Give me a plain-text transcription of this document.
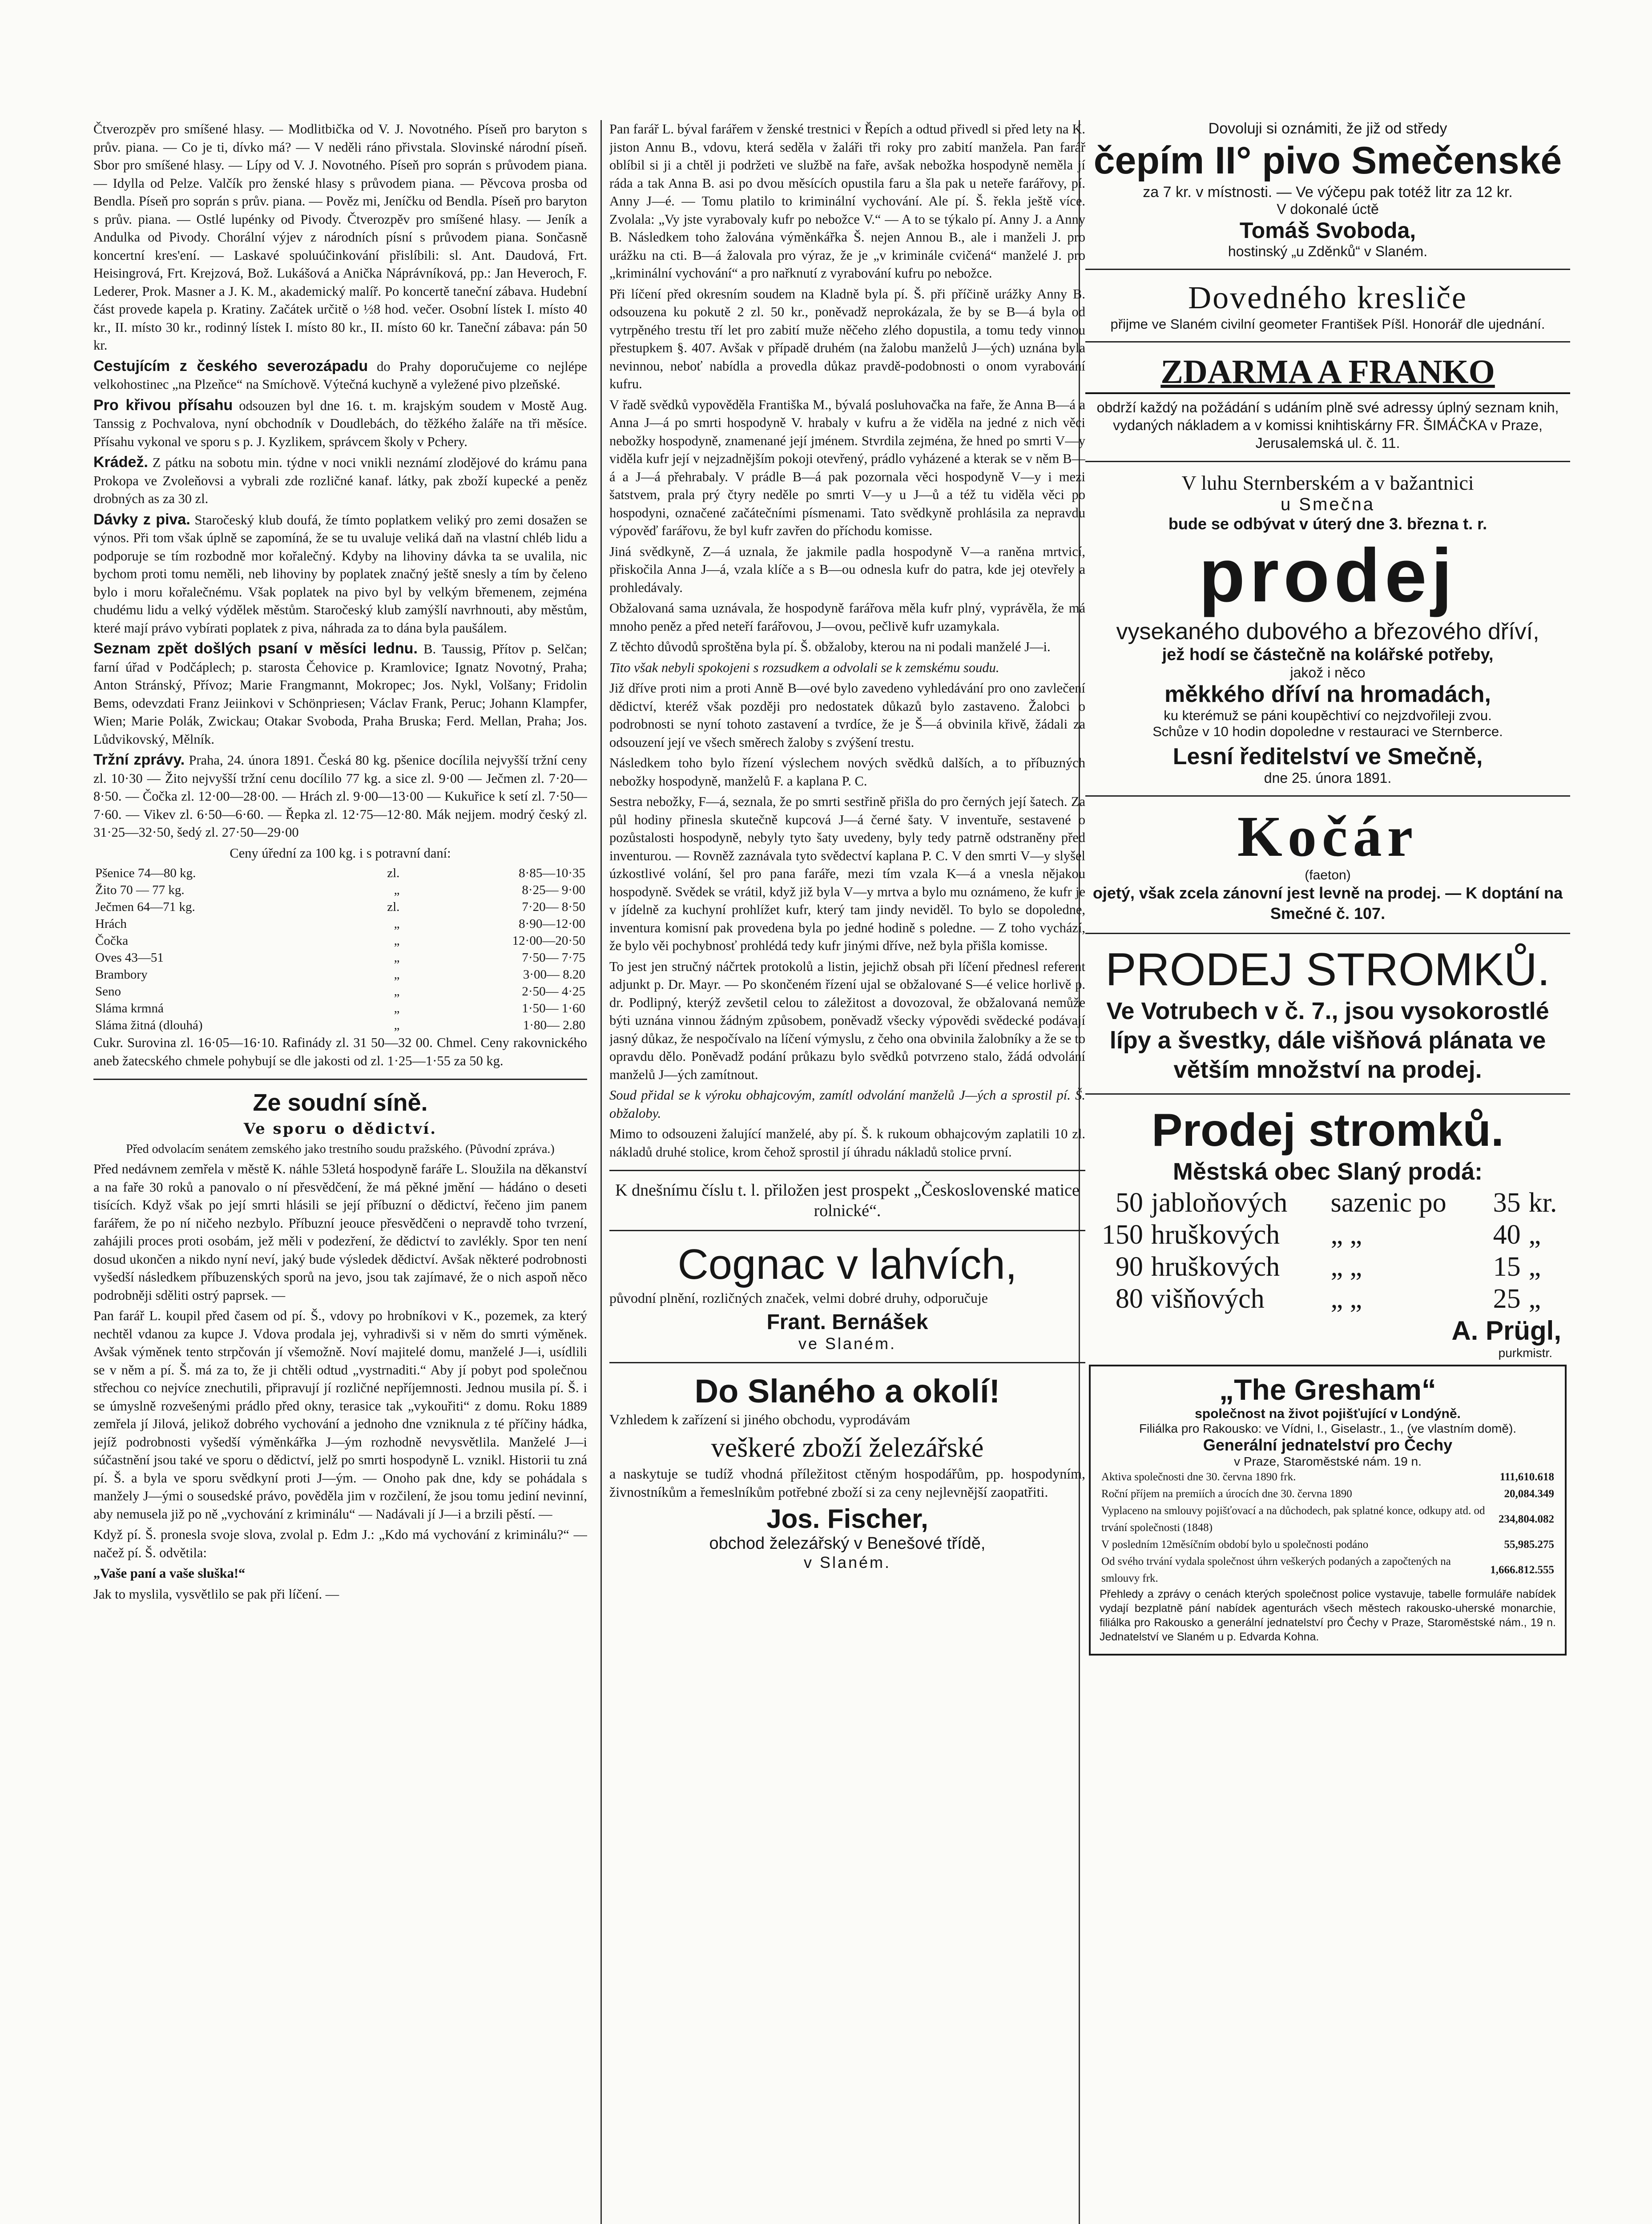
Čtverozpěv pro smíšené hlasy. — Modlitbička od V. J. Novotného. Píseň pro baryton s prův. piana. — Co je ti, dívko má? — V neděli ráno přivstala. Slovinské národní píseň. Sbor pro smíšené hlasy. — Lípy od V. J. Novotného. Píseň pro soprán s průvodem piana. — Idylla od Pelze. Valčík pro ženské hlasy s průvodem piana. — Pěvcova prosba od Bendla. Píseň pro soprán s prův. piana. — Pověz mi, Jeníčku od Bendla. Píseň pro baryton s prův. piana. — Ostlé lupénky od Pivody. Čtverozpěv pro smíšené hlasy. — Jeník a Andulka od Pivody. Chorální výjev z národních písní s průvodem piana. Sončasně koncertní kres'ení. — Laskavé spoluúčinkování přislíbili: sl. Ant. Daudová, Frt. Heisingrová, Frt. Krejzová, Bož. Lukášová a Anička Náprávníková, pp.: Jan Heveroch, F. Lederer, Prok. Masner a J. K. M., akademický malíř. Po koncertě taneční zábava. Hudební část provede kapela p. Kratiny. Začátek určitě o ½8 hod. večer. Osobní lístek I. místo 40 kr., II. místo 30 kr., rodinný lístek I. místo 80 kr., II. místo 60 kr. Taneční zábava: pán 50 kr.

Cestujícím z českého severozápadu do Prahy doporučujeme co nejlépe velkohostinec „na Plzeňce“ na Smíchově. Výtečná kuchyně a vyležené pivo plzeňské.

Pro křivou přísahu odsouzen byl dne 16. t. m. krajským soudem v Mostě Aug. Tanssig z Pochvalova, nyní obchodník v Doudlebách, do těžkého žaláře na tři měsíce. Přísahu vykonal ve sporu s p. J. Kyzlikem, správcem školy v Pchery.

Krádež. Z pátku na sobotu min. týdne v noci vnikli neznámí zlodějové do krámu pana Prokopa ve Zvoleňovsi a vybrali zde rozličné kanaf. látky, pak zboží kupecké a peněz drobných as za 30 zl.

Dávky z piva. Staročeský klub doufá, že tímto poplatkem veliký pro zemi dosažen se výnos. Při tom však úplně se zapomíná, že se tu uvaluje veliká daň na vlastní chléb lidu a podporuje se tím rozbodně mor kořalečný. Kdyby na lihoviny dávka ta se uvalila, nic bychom proti tomu neměli, neb lihoviny by poplatek značný ještě snesly a tím by čeleno bylo i moru kořalečnému. Však poplatek na pivo byl by velkým břemenem, zejména chudému lidu a velký výdělek městům. Staročeský klub zamýšlí navrhnouti, aby městům, které mají právo vybírati poplatek z piva, náhrada za to dána byla paušálem.

Seznam zpět došlých psaní v měsíci lednu. B. Taussig, Přítov p. Selčan; farní úřad v Podčáplech; p. starosta Čehovice p. Kramlovice; Ignatz Novotný, Praha; Anton Stránský, Přívoz; Marie Frangmannt, Mokropec; Jos. Nykl, Volšany; Fridolin Bems, odevzdati Franz Jeiinkovi v Schönpriesen; Václav Frank, Peruc; Johann Klampfer, Wien; Marie Polák, Zwickau; Otakar Svoboda, Praha Bruska; Ferd. Mellan, Praha; Jos. Lůdvikovský, Mělník.

Tržní zprávy. Praha, 24. února 1891. Česká 80 kg. pšenice docílila nejvyšší tržní ceny zl. 10·30 — Žito nejvyšší tržní cenu docílilo 77 kg. a sice zl. 9·00 — Ječmen zl. 7·20—8·50. — Čočka zl. 12·00—28·00. — Hrách zl. 9·00—13·00 — Kukuřice k setí zl. 7·50—7·60. — Vikev zl. 6·50—6·60. — Řepka zl. 12·75—12·80. Mák nejjem. modrý český zl. 31·25—32·50, šedý zl. 27·50—29·00

Ceny úřední za 100 kg. i s potravní daní:

Pšenice 74—80 kg.	zl.	8·85—10·35
Žito 70 — 77 kg.	„	8·25— 9·00
Ječmen 64—71 kg.	zl.	7·20— 8·50
Hrách	„	8·90—12·00
Čočka	„	12·00—20·50
Oves 43—51	„	7·50— 7·75
Brambory	„	3·00— 8.20
Seno	„	2·50— 4·25
Sláma krmná	„	1·50— 1·60
Sláma žitná (dlouhá)	„	1·80— 2.80

Cukr. Surovina zl. 16·05—16·10. Rafinády zl. 31 50—32 00. Chmel. Ceny rakovnického aneb žatecského chmele pohybují se dle jakosti od zl. 1·25—1·55 za 50 kg.

Ze soudní síně.
Ve sporu o dědictví.

Před odvolacím senátem zemského jako trestního soudu pražského. (Původní zpráva.)

Před nedávnem zemřela v městě K. náhle 53letá hospodyně faráře L. Sloužila na děkanství a na faře 30 roků a panovalo o ní přesvědčení, že má pěkné jmění — hádáno o deseti tisících. Když však po její smrti hlásili se její příbuzní o dědictví, řečeno jim panem farářem, že po ní ničeho nezbylo. Příbuzní jeouce přesvědčeni o nepravdě toho tvrzení, zahájili proces proti osobám, jež měli v podezření, že dědictví to zavlékly. Spor ten není dosud ukončen a nikdo nyní neví, jaký bude výsledek dědictví. Avšak některé podrobnosti vyšedší následkem příbuzenských sporů na jevo, jsou tak zajímavé, že o nich aspoň něco podrobněji sděliti ostrý paprsek. —

Pan farář L. koupil před časem od pí. Š., vdovy po hrobníkovi v K., pozemek, za který nechtěl vdanou za kupce J. Vdova prodala jej, vyhradivši si v něm do smrti výměnek. Avšak výměnek tento strpčován jí všemožně. Noví majitelé domu, manželé J—i, usídlili se v něm a pí. Š. má za to, že ji chtěli odtud „vystrnaditi.“ Aby jí pobyt pod společnou střechou co nejvíce znechutili, připravují jí rozličné nepříjemnosti. Jednou musila pí. Š. i se úmyslně rozvešenými prádlo před okny, terasice tak „vykouřiti“ z domu. Roku 1889 zemřela jí Jilová, jelikož dobrého vychování a jednoho dne vzniknula z té příčiny hádka, jejíž podrobnosti vyšedší výměnkářka J—ým rozhodně nevysvětlila. Manželé J—i súčastnění jsou také ve sporu o dědictví, jelž po smrti hospodyně L. vznikl. Historii tu zná pí. Š. a byla ve sporu svědkyní proti J—ým. — Onoho pak dne, kdy se pohádala s manžely J—ými o sousedské právo, pověděla jim v rozčilení, že jsou tomu jediní nevinní, aby nemusela již po ně „vychování z kriminálu“ — Nadávali jí J—i a brzili pěstí. —

Když pí. Š. pronesla svoje slova, zvolal p. Edm J.: „Kdo má vychování z kriminálu?“ — načež pí. Š. odvětila:

„Vaše paní a vaše sluška!“

Jak to myslila, vysvětlilo se pak při líčení. —

Pan farář L. býval farářem v ženské trestnici v Řepích a odtud přivedl si před lety na K. jiston Annu B., vdovu, která seděla v žaláři tři roky pro zabití manžela. Pan farář oblíbil si ji a chtěl ji podržeti ve službě na faře, avšak nebožka hospodyně neměla jí ráda a tak Anna B. asi po dvou měsících opustila faru a šla pak u neteře farářovy, pí. Anny J—é. — Tomu platilo to kriminální vychování. Ale pí. Š. řekla ještě více. Zvolala: „Vy jste vyrabovaly kufr po nebožce V.“ — A to se týkalo pí. Anny J. a Anny B. Následkem toho žalována výměnkářka Š. nejen Annou B., ale i manželi J. pro urážku na cti. B—á žalovala pro výraz, že je „v kriminále cvičená“ manželé J. pro „kriminální vychování“ a pro nařknutí z vyrabování kufru po nebožce.

Při líčení před okresním soudem na Kladně byla pí. Š. při příčině urážky Anny B. odsouzena ku pokutě 2 zl. 50 kr., poněvadž neprokázala, že by se B—á byla od vytrpěného trestu tří let pro zabití muže něčeho zlého dopustila, a tomu tedy vinnou přestupkem §. 407. Avšak v případě druhém (na žalobu manželů J—ých) uznána byla nevinnou, neboť nabídla a provedla důkaz pravdě-podobnosti o onom vyrabování kufru.

V řadě svědků vypověděla Františka M., bývalá posluhovačka na faře, že Anna B—á a Anna J—á po smrti hospodyně V. hrabaly v kufru a že viděla na jedné z nich věci nebožky hospodyně, znamenané její jménem. Stvrdila zejména, že hned po smrti V—y viděla kufr její v nejzadnějším pokoji otevřený, prádlo vyházené a kterak se v něm B—á a J—á přehrabaly. V prádle B—á pak pozornala věci hospodyně V—y i mezi šatstvem, prala prý čtyry neděle po smrti V—y u J—ů a též tu viděla věci po hospodyni, označené začátečními písmenami. Tato svědkyně prohlásila za nepravdu výpověď farářovu, že byl kufr zavřen do příchodu komisse.

Jiná svědkyně, Z—á uznala, že jakmile padla hospodyně V—a raněna mrtvicí, přiskočila Anna J—á, vzala klíče a s B—ou odnesla kufr do patra, kde jej otevřely a prohledávaly.

Obžalovaná sama uznávala, že hospodyně farářova měla kufr plný, vyprávěla, že má mnoho peněz a před neteří farářovou, J—ovou, pečlivě kufr uzamykala.

Z těchto důvodů sproštěna byla pí. Š. obžaloby, kterou na ni podali manželé J—i.

Tito však nebyli spokojeni s rozsudkem a odvolali se k zemskému soudu.

Již dříve proti nim a proti Anně B—ové bylo zavedeno vyhledávání pro ono zavlečení dědictví, kteréž však později pro nedostatek důkazů bylo zastaveno. Žalobci o podrobnosti se nyní tohoto zastavení a tvrdíce, že je Š—á obvinila křivě, žádali za odsouzení její ve všech směrech žaloby s zvýšení trestu.

Následkem toho bylo řízení výslechem nových svědků dalších, a to příbuzných nebožky hospodyně, manželů F. a kaplana P. C.

Sestra nebožky, F—á, seznala, že po smrti sestřině přišla do pro černých její šatech. Za půl hodiny přinesla skutečně kupcová J—á černé šaty. V inventuře, sestavené o pozůstalosti hospodyně, nebyly tyto šaty uvedeny, byly tedy patrně odstraněny před inventurou. — Rovněž zaznávala tyto svědectví kaplana P. C. V den smrti V—y slyšel úzkostlivé volání, šel pro pana faráře, mezi tím vzala K—á a vnesla nějakou hospodyně. Svědek se vrátil, když již byla V—y mrtva a bylo mu oznámeno, že kufr je v jídelně za kuchyní prohlížet kufr, který tam jindy neviděl. To bylo se dopoledne, inventura komisní pak provedena byla po jedné hodině s poledne. — Z toho vychází, že bylo věi pochybnosť prohlédá tedy kufr jinými dříve, než byla přišla komisse.

To jest jen stručný náčrtek protokolů a listin, jejichž obsah při líčení přednesl referent adjunkt p. Dr. Mayr. — Po skončeném řízení ujal se obžalované S—é velice horlivě p. dr. Podlipný, kterýž zevšetil celou to záležitost a dovozoval, že obžalovaná nemůže býti uznána vinnou žádným způsobem, poněvadž všecky výpovědi svědecké podávají jasný důkaz, že nespočívalo na líčení výmyslu, z čeho ona obvinila žalobníky a že se to opravdu dělo. Poněvadž podání průkazu bylo svědků potvrzeno stalo, žádá odvolání manželů J—ých zamítnout.

Soud přidal se k výroku obhajcovým, zamítl odvolání manželů J—ých a sprostil pí. Š. obžaloby.

Mimo to odsouzeni žalující manželé, aby pí. Š. k rukoum obhajcovým zaplatili 10 zl. nákladů druhé stolice, krom čehož sprostil jí úhradu nákladů stolice první.

K dnešnímu číslu t. l. přiložen jest prospekt „Československé matice rolnické“.

Cognac v lahvích,

původní plnění, rozličných značek, velmi dobré druhy, odporučuje

Frant. Bernášek
ve Slaném.
Do Slaného a okolí!

Vzhledem k zařízení si jiného obchodu, vyprodávám

veškeré zboží železářské

a naskytuje se tudíž vhodná příležitost ctěným hospodářům, pp. hospodyním, živnostníkům a řemeslníkům potřebné zboží si za ceny nejlevnější zaopatřiti.

Jos. Fischer,
obchod železářský v Benešové třídě,
v Slaném.
Dovoluji si oznámiti, že již od středy
čepím II° pivo Smečenské
za 7 kr. v místnosti. — Ve výčepu pak totéž litr za 12 kr.
V dokonalé úctě
Tomáš Svoboda,
hostinský „u Zděnků“ v Slaném.
Dovedného kresliče
přijme ve Slaném civilní geometer František Píšl. Honorář dle ujednání.
ZDARMA A FRANKO
obdrží každý na požádání s udáním plně své adressy úplný seznam knih, vydaných nákladem a v komissi knihtiskárny FR. ŠIMÁČKA v Praze, Jerusalemská ul. č. 11.
V luhu Sternberském a v bažantnici
u Smečna
bude se odbývat v úterý dne 3. března t. r.
prodej
vysekaného dubového a březového dříví,
jež hodí se částečně na kolářské potřeby,
jakož i něco
měkkého dříví na hromadách,
ku kterémuž se páni koupěchtiví co nejzdvořileji zvou.
Schůze v 10 hodin dopoledne v restauraci ve Sternberce.
Lesní ředitelství ve Smečně,
dne 25. února 1891.
Kočár
(faeton)
ojetý, však zcela zánovní jest levně na prodej. — K doptání na Smečné č. 107.
PRODEJ STROMKŮ.
Ve Votrubech v č. 7., jsou vysokorostlé lípy a švestky, dále višňová plánata ve větším množství na prodej.
Prodej stromků.
Městská obec Slaný prodá:
50	jabloňových	sazenic po	35	kr.
150	hruškových	„ „	40	„
90	hruškových	„ „	15	„
80	višňových	„ „	25	„
A. Prügl,
purkmistr.
„The Gresham“
společnost na život pojišťující v Londýně.
Filiálka pro Rakousko: ve Vídni, I., Giselastr., 1., (ve vlastním domě).
Generální jednatelství pro Čechy
v Praze, Staroměstské nám. 19 n.
Aktiva společnosti dne 30. června 1890 frk.	111,610.618
Roční příjem na premiích a úrocích dne 30. června 1890	20,084.349
Vyplaceno na smlouvy pojišťovací a na důchodech, pak splatné konce, odkupy atd. od trvání společnosti (1848)	234,804.082
V posledním 12měsíčním období bylo u společnosti podáno	55,985.275
Od svého trvání vydala společnost úhrn veškerých podaných a započtených na smlouvy frk.	1,666.812.555
Přehledy a zprávy o cenách kterých společnost police vystavuje, tabelle formuláře nabídek vydají bezplatně pání nabídek agenturách všech městech rakousko-uherské monarchie, filiálka pro Rakousko a generální jednatelství pro Čechy v Praze, Staroměstské nám., 19 n. Jednatelství ve Slaném u p. Edvarda Kohna.
